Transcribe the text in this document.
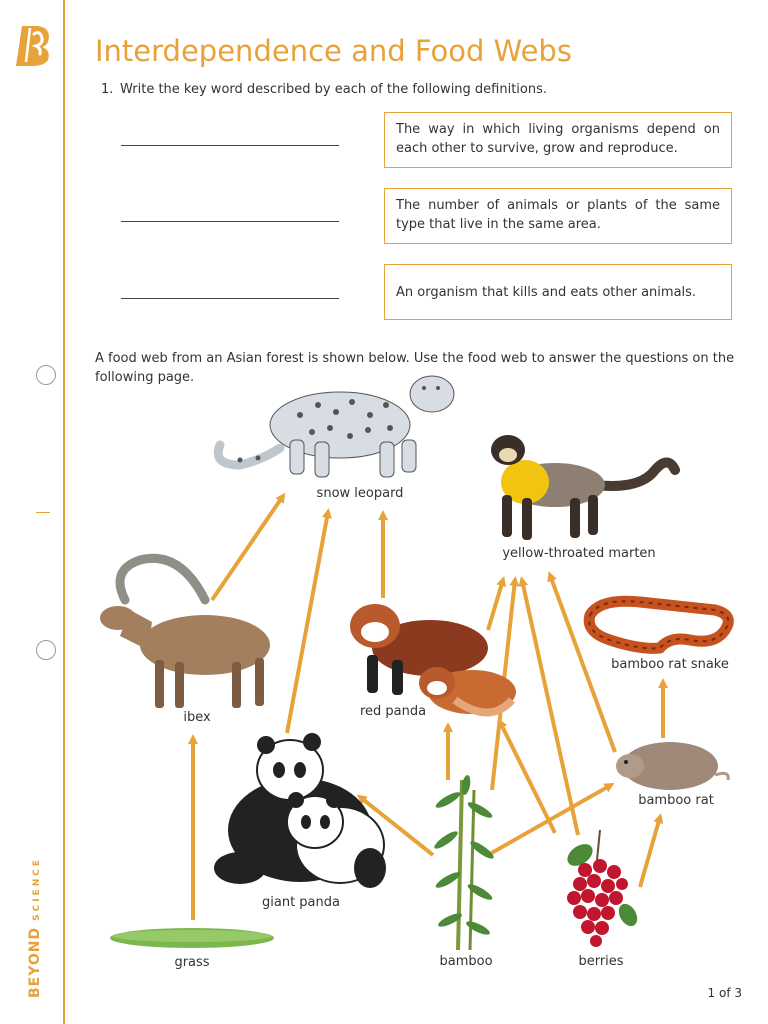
BEYONDSCIENCE
Interdependence and Food Webs
1. Write the key word described by each of the following definitions.
The way in which living organisms depend on each other to survive, grow and reproduce.
The number of animals or plants of the same type that live in the same area.
An organism that kills and eats other animals.
A food web from an Asian forest is shown below. Use the food web to answer the questions on the following page.
snow leopard
yellow-throated marten
bamboo rat snake
ibex	red panda
bamboo rat
giant panda
grass	bamboo	berries
1 of 3
